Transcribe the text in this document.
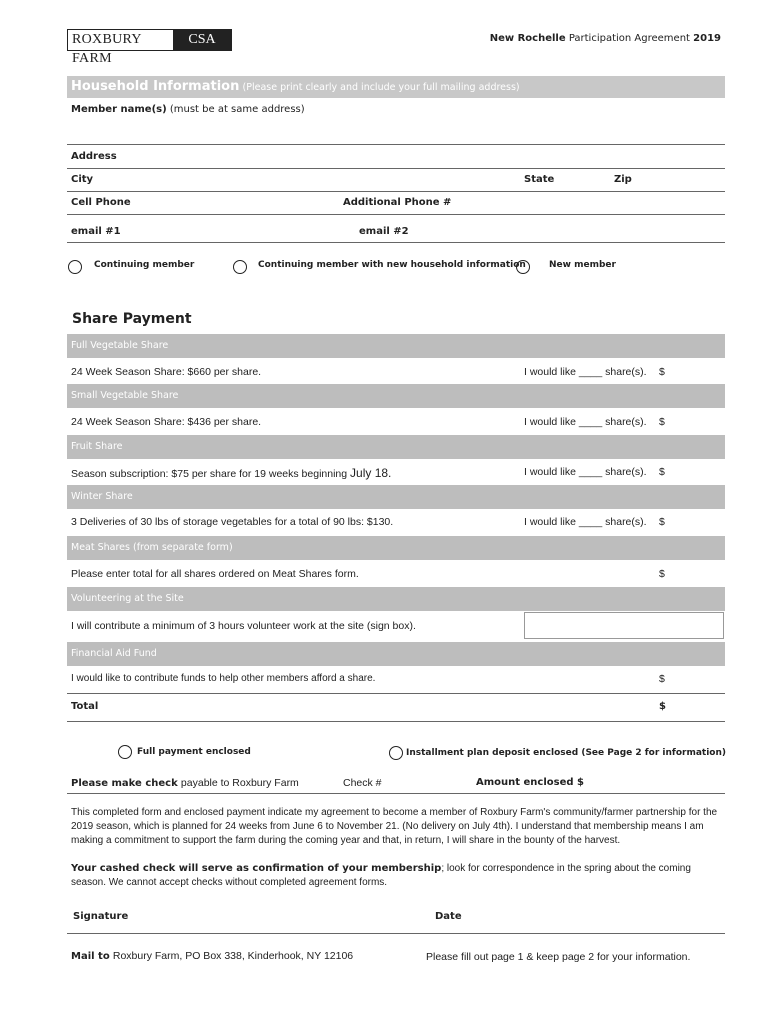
ROXBURY FARM
CSA	New Rochelle Participation Agreement 2019
Household Information (Please print clearly and include your full mailing address)
Member name(s) (must be at same address)
Address
City	State	Zip
Cell Phone	Additional Phone #
email #1	email #2
Continuing member	Continuing member with new household information	New member
Share Payment
Full Vegetable Share
24 Week Season Share: $660 per share.	I would like ____ share(s). $
Small Vegetable Share
24 Week Season Share: $436 per share.	I would like ____ share(s). $
Fruit Share
Season subscription: $75 per share for 19 weeks beginning July 18.	I would like ____ share(s). $
Winter Share
3 Deliveries of 30 lbs of storage vegetables for a total of 90 lbs: $130.	I would like ____ share(s). $
Meat Shares (from separate form)
Please enter total for all shares ordered on Meat Shares form.	$
Volunteering at the Site
I will contribute a minimum of 3 hours volunteer work at the site (sign box).
Financial Aid Fund
I would like to contribute funds to help other members afford a share.	$
Total	$
Full payment enclosed	Installment plan deposit enclosed (See Page 2 for information)
Please make check payable to Roxbury Farm	Check #	Amount enclosed $
This completed form and enclosed payment indicate my agreement to become a member of Roxbury Farm's community/farmer partnership for the 2019 season, which is planned for 24 weeks from June 6 to November 21. (No delivery on July 4th). I understand that membership means I am making a commitment to support the farm during the coming year and that, in return, I will share in the bounty of the harvest.
Your cashed check will serve as confirmation of your membership; look for correspondence in the spring about the coming season. We cannot accept checks without completed agreement forms.
Signature	Date
Mail to Roxbury Farm, PO Box 338, Kinderhook, NY 12106	Please fill out page 1 & keep page 2 for your information.
